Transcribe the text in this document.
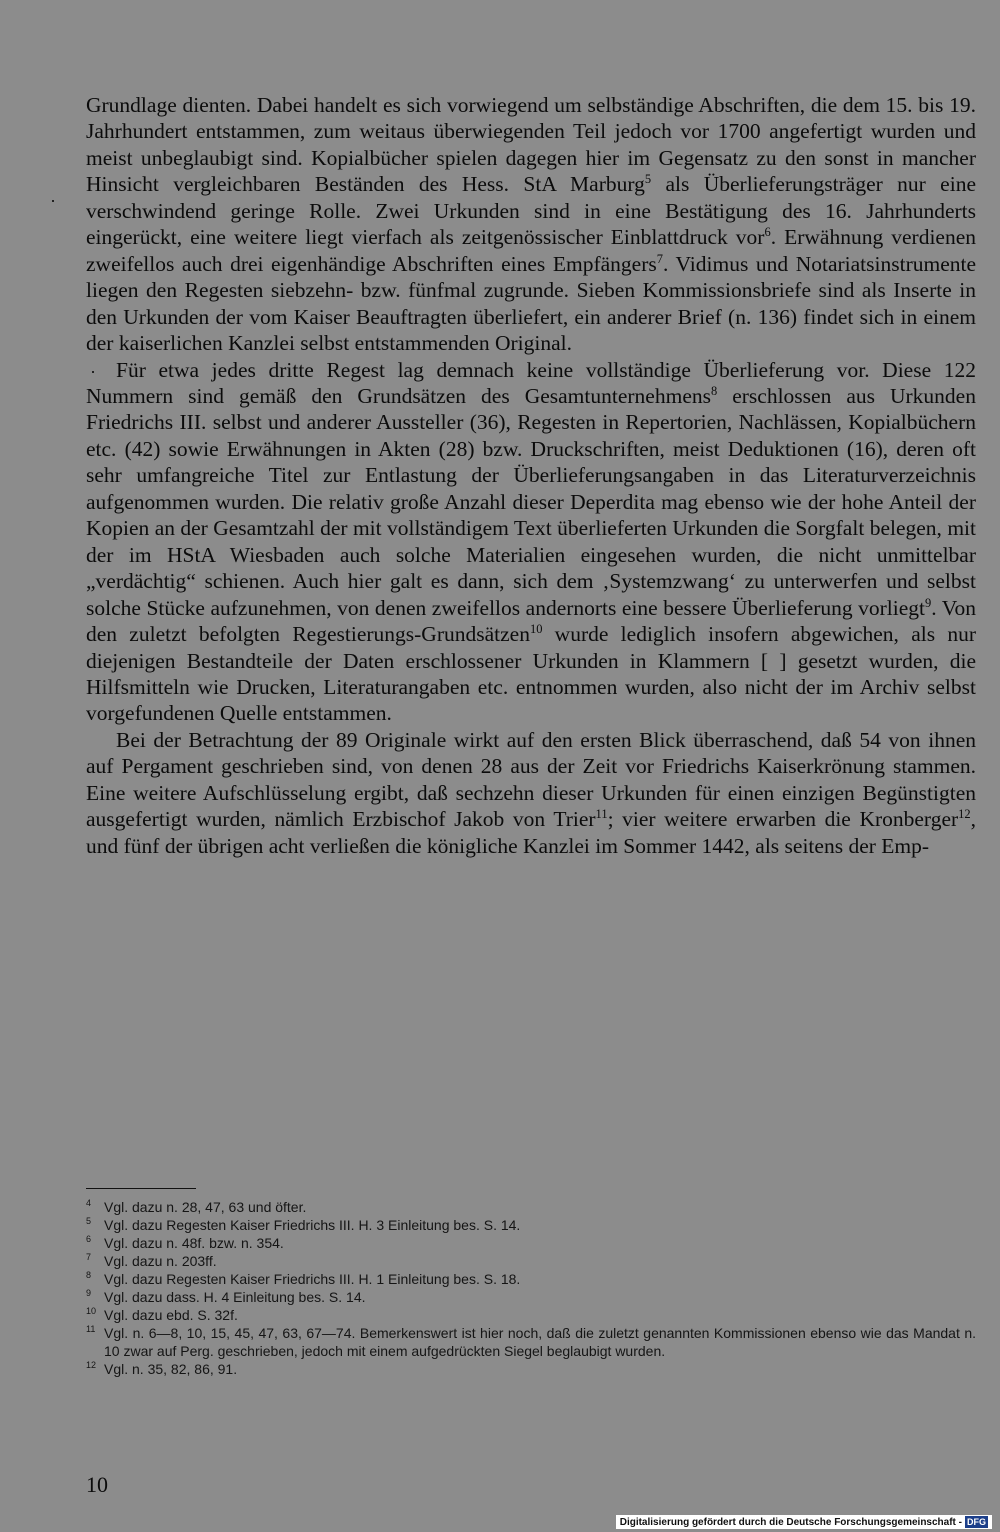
Grundlage dienten. Dabei handelt es sich vorwiegend um selbständige Abschriften, die dem 15. bis 19. Jahrhundert entstammen, zum weitaus überwiegenden Teil jedoch vor 1700 angefertigt wurden und meist unbeglaubigt sind. Kopialbücher spielen dagegen hier im Gegensatz zu den sonst in mancher Hinsicht vergleichbaren Beständen des Hess. StA Marburg$^5$ als Überlieferungsträger nur eine verschwindend geringe Rolle. Zwei Urkunden sind in eine Bestätigung des 16. Jahrhunderts eingerückt, eine weitere liegt vierfach als zeitgenössischer Einblattdruck vor$^6$. Erwähnung verdienen zweifellos auch drei eigenhändige Abschriften eines Empfängers$^7$. Vidimus und Notariatsinstrumente liegen den Regesten siebzehn- bzw. fünfmal zugrunde. Sieben Kommissionsbriefe sind als Inserte in den Urkunden der vom Kaiser Beauftragten überliefert, ein anderer Brief (n. 136) findet sich in einem der kaiserlichen Kanzlei selbst entstammenden Original.

Für etwa jedes dritte Regest lag demnach keine vollständige Überlieferung vor. Diese 122 Nummern sind gemäß den Grundsätzen des Gesamtunternehmens$^8$ erschlossen aus Urkunden Friedrichs III. selbst und anderer Aussteller (36), Regesten in Repertorien, Nachlässen, Kopialbüchern etc. (42) sowie Erwähnungen in Akten (28) bzw. Druckschriften, meist Deduktionen (16), deren oft sehr umfangreiche Titel zur Entlastung der Überlieferungsangaben in das Literaturverzeichnis aufgenommen wurden. Die relativ große Anzahl dieser Deperdita mag ebenso wie der hohe Anteil der Kopien an der Gesamtzahl der mit vollständigem Text überlieferten Urkunden die Sorgfalt belegen, mit der im HStA Wiesbaden auch solche Materialien eingesehen wurden, die nicht unmittelbar „verdächtig“ schienen. Auch hier galt es dann, sich dem ‚Systemzwang‘ zu unterwerfen und selbst solche Stücke aufzunehmen, von denen zweifellos andernorts eine bessere Überlieferung vorliegt$^9$. Von den zuletzt befolgten Regestierungs-Grundsätzen$^{10}$ wurde lediglich insofern abgewichen, als nur diejenigen Bestandteile der Daten erschlossener Urkunden in Klammern [ ] gesetzt wurden, die Hilfsmitteln wie Drucken, Literaturangaben etc. entnommen wurden, also nicht der im Archiv selbst vorgefundenen Quelle entstammen.

Bei der Betrachtung der 89 Originale wirkt auf den ersten Blick überraschend, daß 54 von ihnen auf Pergament geschrieben sind, von denen 28 aus der Zeit vor Friedrichs Kaiserkrönung stammen. Eine weitere Aufschlüsselung ergibt, daß sechzehn dieser Urkunden für einen einzigen Begünstigten ausgefertigt wurden, nämlich Erzbischof Jakob von Trier$^{11}$; vier weitere erwarben die Kronberger$^{12}$, und fünf der übrigen acht verließen die königliche Kanzlei im Sommer 1442, als seitens der Emp-

4 Vgl. dazu n. 28, 47, 63 und öfter.
5 Vgl. dazu Regesten Kaiser Friedrichs III. H. 3 Einleitung bes. S. 14.
6 Vgl. dazu n. 48f. bzw. n. 354.
7 Vgl. dazu n. 203ff.
8 Vgl. dazu Regesten Kaiser Friedrichs III. H. 1 Einleitung bes. S. 18.
9 Vgl. dazu dass. H. 4 Einleitung bes. S. 14.
10 Vgl. dazu ebd. S. 32f.
11 Vgl. n. 6—8, 10, 15, 45, 47, 63, 67—74. Bemerkenswert ist hier noch, daß die zuletzt genannten Kommissionen ebenso wie das Mandat n. 10 zwar auf Perg. geschrieben, jedoch mit einem aufgedrückten Siegel beglaubigt wurden.
12 Vgl. n. 35, 82, 86, 91.
10
Digitalisierung gefördert durch die Deutsche Forschungsgemeinschaft - DFG
